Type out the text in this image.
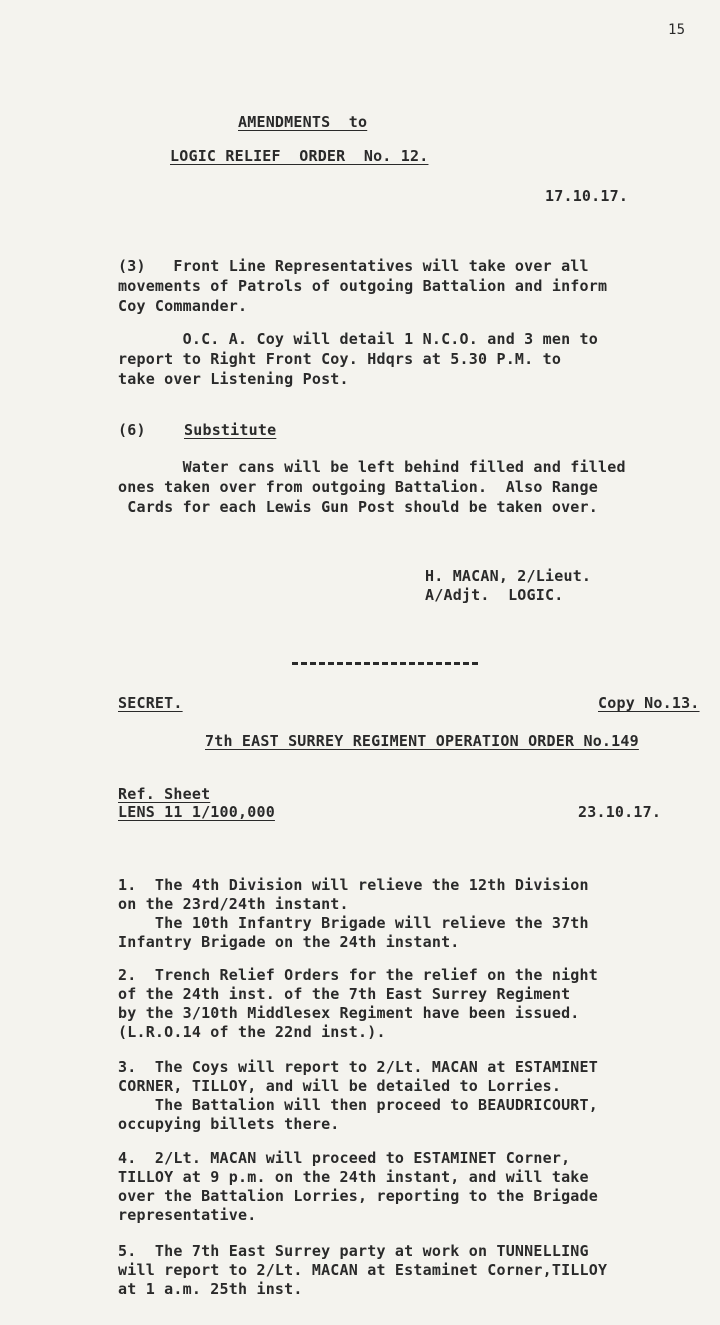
15
AMENDMENTS  to
LOGIC RELIEF  ORDER  No. 12.
17.10.17.
(3)   Front Line Representatives will take over all
movements of Patrols of outgoing Battalion and inform
Coy Commander.
O.C. A. Coy will detail 1 N.C.O. and 3 men to
report to Right Front Coy. Hdqrs at 5.30 P.M. to
take over Listening Post.
(6)	Substitute
Water cans will be left behind filled and filled
ones taken over from outgoing Battalion.  Also Range
Cards for each Lewis Gun Post should be taken over.
H. MACAN, 2/Lieut.
A/Adjt.  LOGIC.
SECRET.	Copy No.13.
7th EAST SURREY REGIMENT OPERATION ORDER No.149
Ref. Sheet
LENS 11 1/100,000	23.10.17.
1.  The 4th Division will relieve the 12th Division
on the 23rd/24th instant.
The 10th Infantry Brigade will relieve the 37th
Infantry Brigade on the 24th instant.
2.  Trench Relief Orders for the relief on the night
of the 24th inst. of the 7th East Surrey Regiment
by the 3/10th Middlesex Regiment have been issued.
(L.R.O.14 of the 22nd inst.).
3.  The Coys will report to 2/Lt. MACAN at ESTAMINET
CORNER, TILLOY, and will be detailed to Lorries.
The Battalion will then proceed to BEAUDRICOURT,
occupying billets there.
4.  2/Lt. MACAN will proceed to ESTAMINET Corner,
TILLOY at 9 p.m. on the 24th instant, and will take
over the Battalion Lorries, reporting to the Brigade
representative.
5.  The 7th East Surrey party at work on TUNNELLING
will report to 2/Lt. MACAN at Estaminet Corner,TILLOY
at 1 a.m. 25th inst.
